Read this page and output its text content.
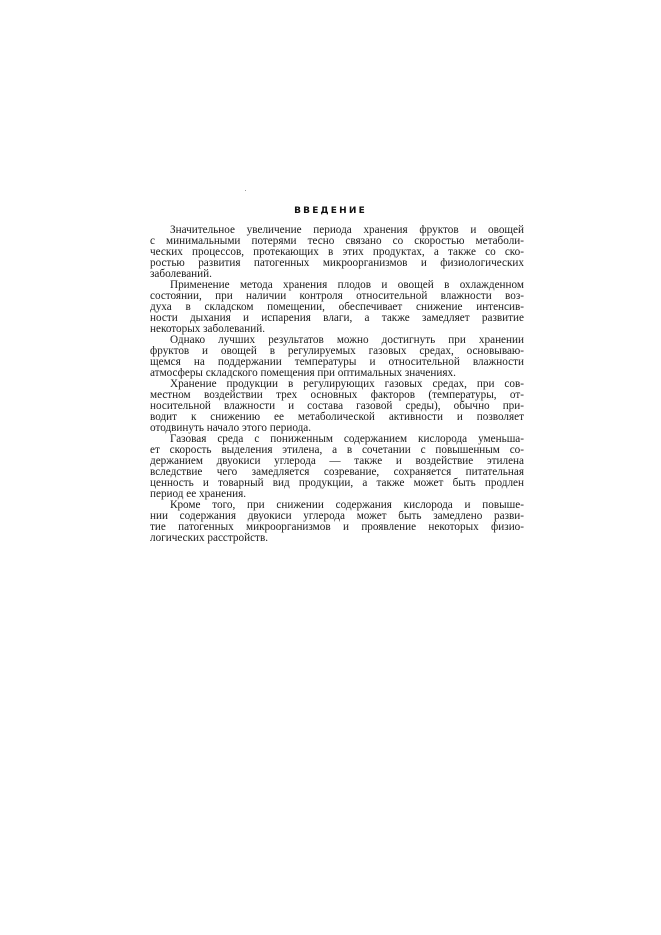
ВВЕДЕНИЕ
Значительное увеличение периода хранения фруктов и овощей
с минимальными потерями тесно связано со скоростью метаболи-
ческих процессов, протекающих в этих продуктах, а также со ско-
ростью развития патогенных микроорганизмов и физиологических
заболеваний.
Применение метода хранения плодов и овощей в охлажденном
состоянии, при наличии контроля относительной влажности воз-
духа в складском помещении, обеспечивает снижение интенсив-
ности дыхания и испарения влаги, а также замедляет развитие
некоторых заболеваний.
Однако лучших результатов можно достигнуть при хранении
фруктов и овощей в регулируемых газовых средах, основываю-
щемся на поддержании температуры и относительной влажности
атмосферы складского помещения при оптимальных значениях.
Хранение продукции в регулирующих газовых средах, при сов-
местном воздействии трех основных факторов (температуры, от-
носительной влажности и состава газовой среды), обычно при-
водит к снижению ее метаболической активности и позволяет
отодвинуть начало этого периода.
Газовая среда с пониженным содержанием кислорода уменьша-
ет скорость выделения этилена, а в сочетании с повышенным со-
держанием двуокиси углерода — также и воздействие этилена
вследствие чего замедляется созревание, сохраняется питательная
ценность и товарный вид продукции, а также может быть продлен
период ее хранения.
Кроме того, при снижении содержания кислорода и повыше-
нии содержания двуокиси углерода может быть замедлено разви-
тие патогенных микроорганизмов и проявление некоторых физио-
логических расстройств.
